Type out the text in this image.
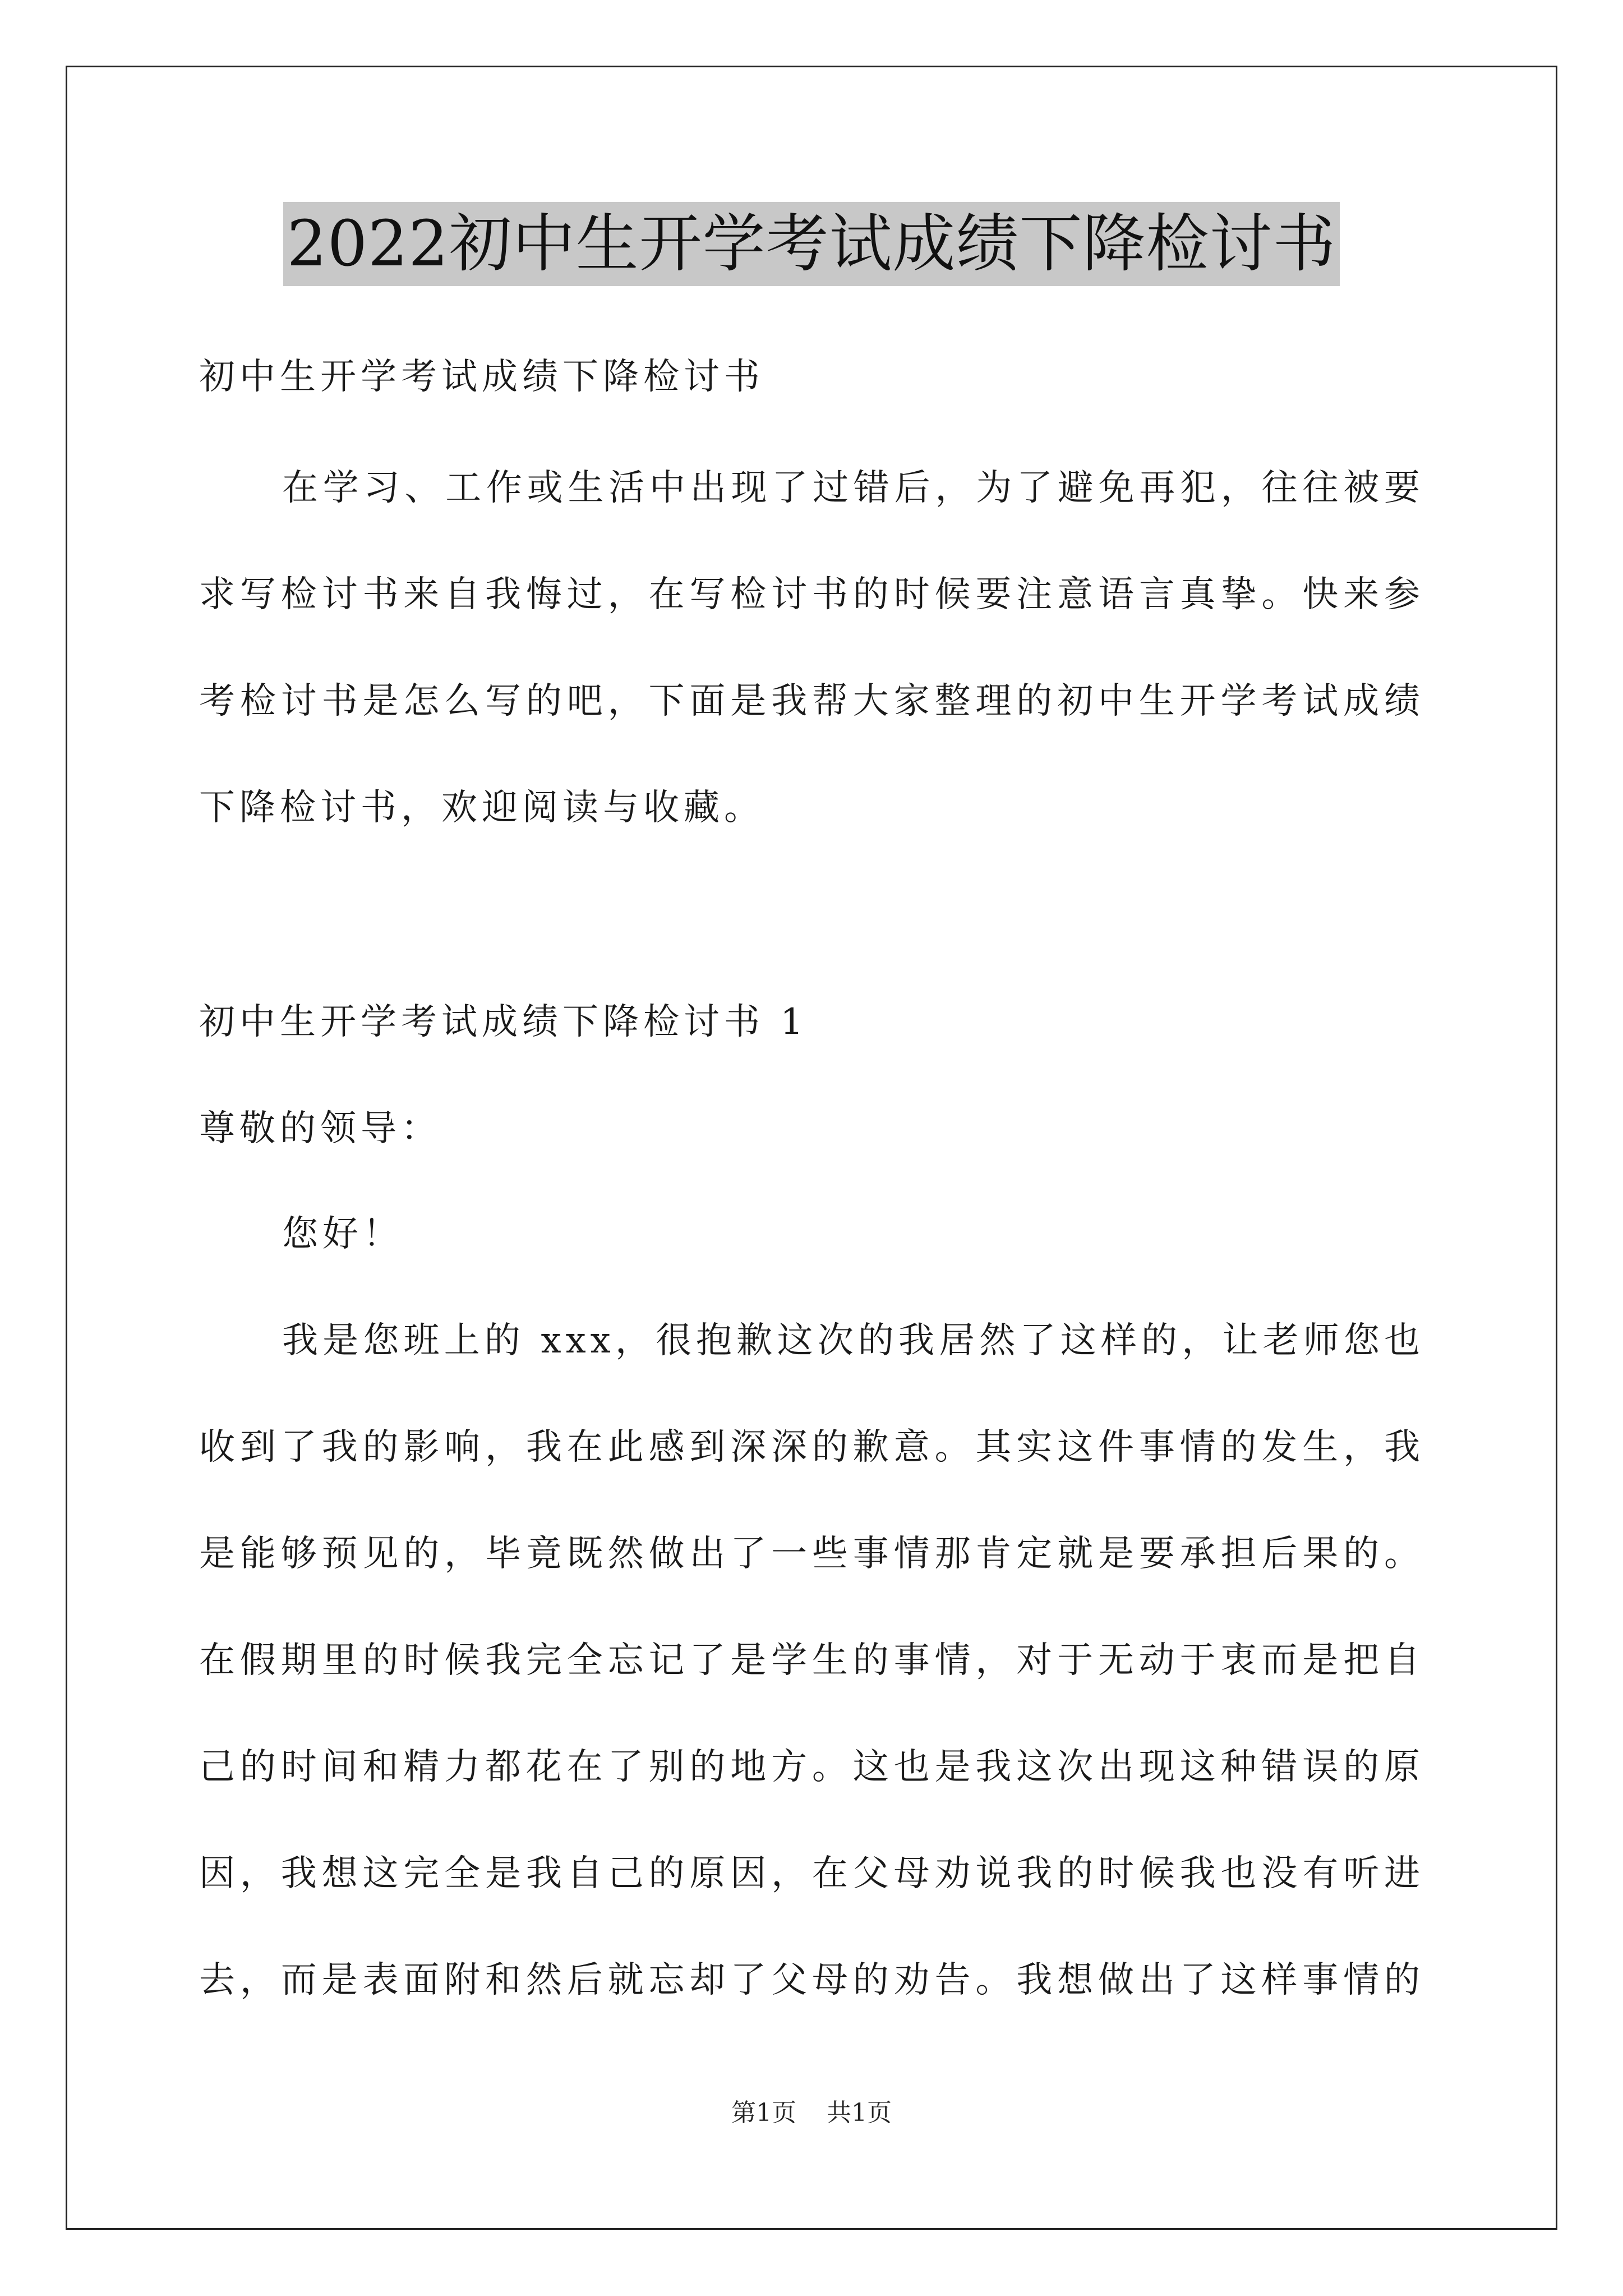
2022初中生开学考试成绩下降检讨书
初中生开学考试成绩下降检讨书
在学习、工作或生活中出现了过错后，为了避免再犯，往往被要
求写检讨书来自我悔过，在写检讨书的时候要注意语言真挚。快来参
考检讨书是怎么写的吧，下面是我帮大家整理的初中生开学考试成绩
下降检讨书，欢迎阅读与收藏。
初中生开学考试成绩下降检讨书 1
尊敬的领导：
您好！
我是您班上的 xxx，很抱歉这次的我居然了这样的，让老师您也
收到了我的影响，我在此感到深深的歉意。其实这件事情的发生，我
是能够预见的，毕竟既然做出了一些事情那肯定就是要承担后果的。
在假期里的时候我完全忘记了是学生的事情，对于无动于衷而是把自
己的时间和精力都花在了别的地方。这也是我这次出现这种错误的原
因，我想这完全是我自己的原因，在父母劝说我的时候我也没有听进
去，而是表面附和然后就忘却了父母的劝告。我想做出了这样事情的
第1页 共1页
